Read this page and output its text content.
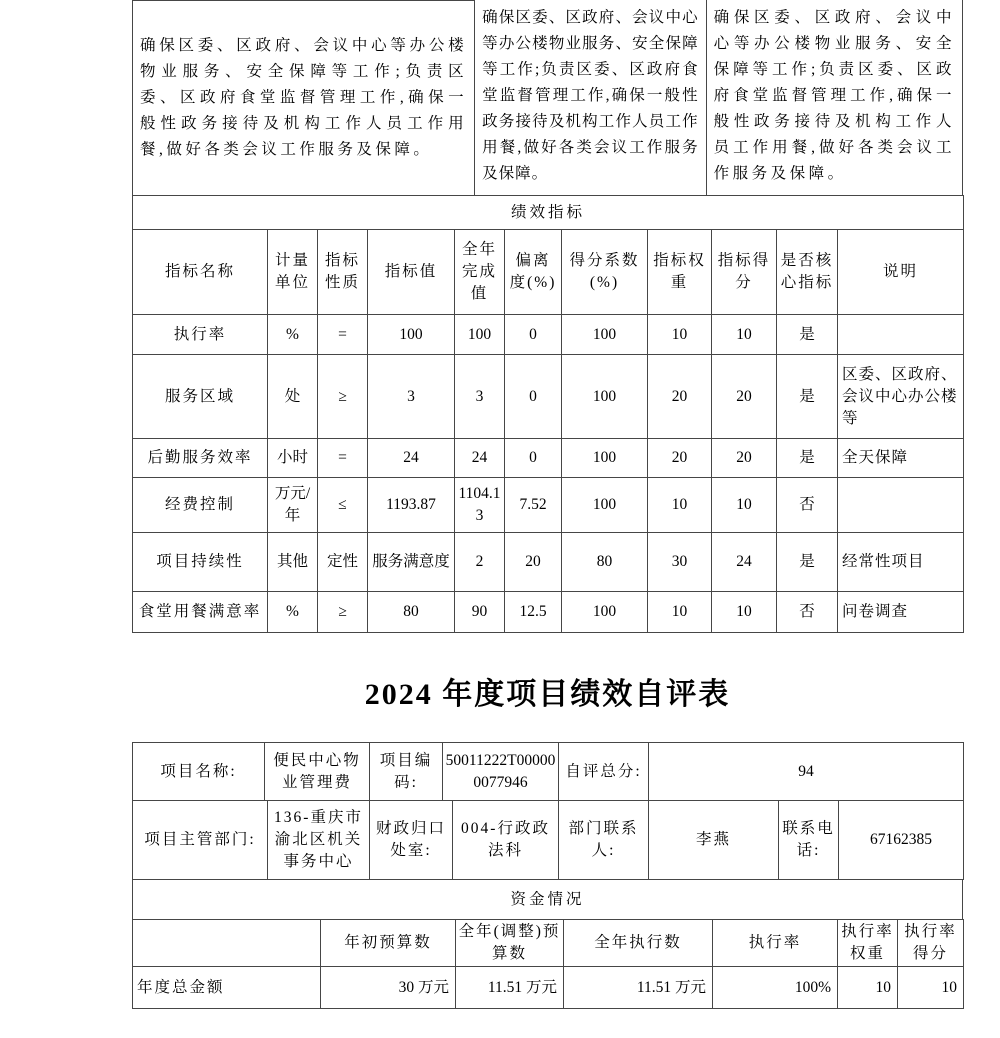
确保区委、区政府、会议中心等办公楼物业服务、安全保障等工作;负责区委、区政府食堂监督管理工作,确保一般性政务接待及机构工作人员工作用餐,做好各类会议工作服务及保障。

确保区委、区政府、会议中心等办公楼物业服务、安全保障等工作;负责区委、区政府食堂监督管理工作,确保一般性政务接待及机构工作人员工作用餐,做好各类会议工作服务及保障。
确保区委、区政府、会议中心等办公楼物业服务、安全保障等工作;负责区委、区政府食堂监督管理工作,确保一般性政务接待及机构工作人员工作用餐,做好各类会议工作服务及保障。
绩效指标										
指标名称	计量单位	指标性质	指标值	全年完成值	偏离度(%)	得分系数(%)	指标权重	指标得分	是否核心指标	说明
执行率	%	=	100	100	0	100	10	10	是	
服务区域	处	≥	3	3	0	100	20	20	是	区委、区政府、会议中心办公楼等
后勤服务效率	小时	=	24	24	0	100	20	20	是	全天保障
经费控制	万元/年	≤	1193.87	1104.13	7.52	100	10	10	否	
项目持续性	其他	定性	服务满意度	2	20	80	30	24	是	经常性项目
食堂用餐满意率	%	≥	80	90	12.5	100	10	10	否	问卷调查
2024 年度项目绩效自评表
项目名称:	便民中心物业管理费	项目编码:	50011222T000000077946	自评总分:	94
项目主管部门:	136-重庆市渝北区机关事务中心	财政归口处室:	004-行政政法科	部门联系人:	李燕	联系电话:	67162385
资金情况
	年初预算数	全年(调整)预算数	全年执行数	执行率	执行率权重	执行率得分
年度总金额	30 万元	11.51 万元	11.51 万元	100%	10	10
